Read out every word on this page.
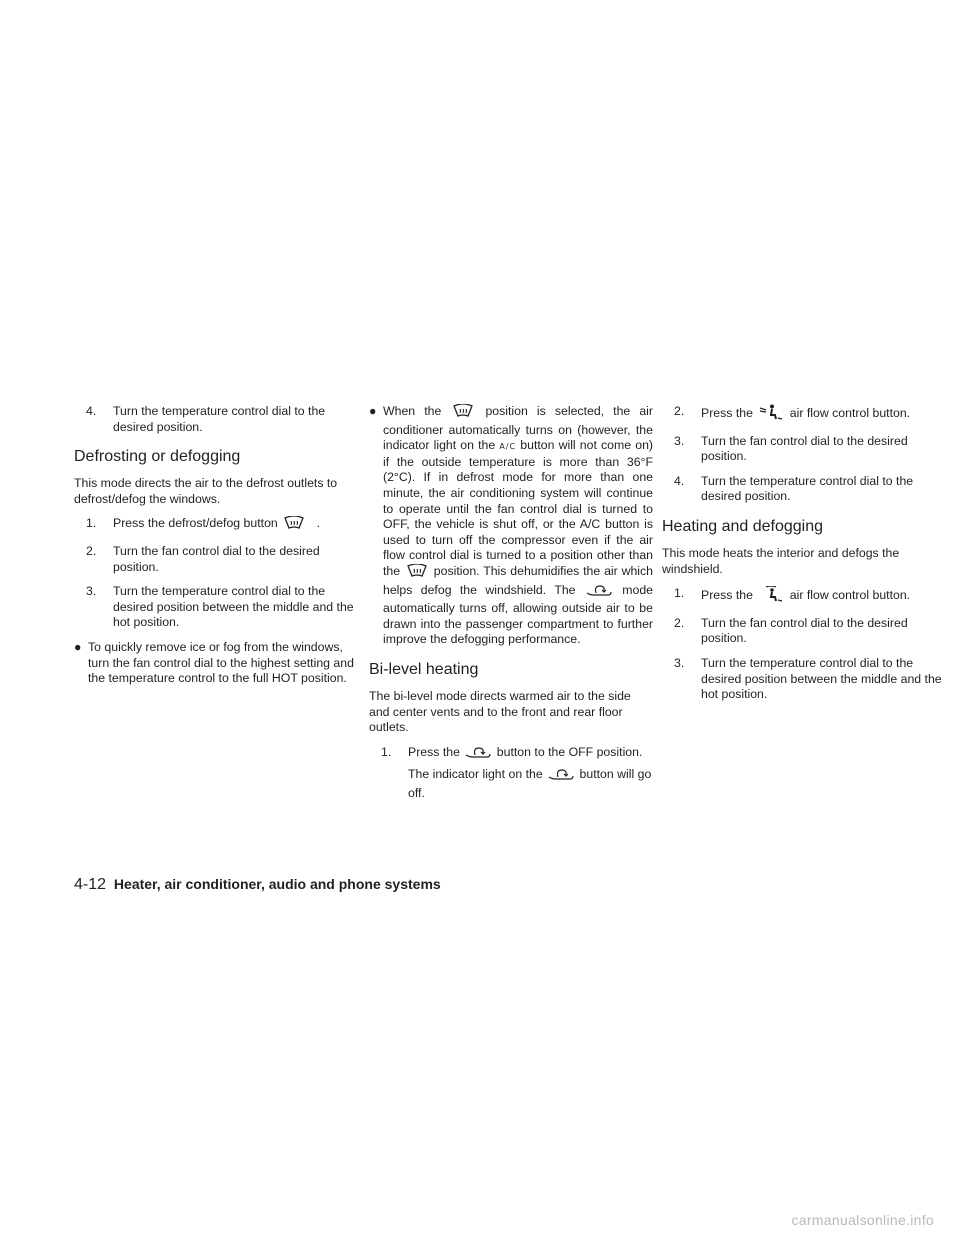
4. Turn the temperature control dial to the desired position.
Defrosting or defogging
This mode directs the air to the defrost outlets to defrost/defog the windows.
1. Press the defrost/defog button	.
2. Turn the fan control dial to the desired position.
3. Turn the temperature control dial to the desired position between the middle and the hot position.
● To quickly remove ice or fog from the windows, turn the fan control dial to the highest setting and the temperature control to the full HOT position.
● When the	position is selected, the air conditioner automatically turns on (however, the indicator light on the A/C button will not come on) if the outside temperature is more than 36°F (2°C). If in defrost mode for more than one minute, the air conditioning system will continue to operate until the fan control dial is turned to OFF, the vehicle is shut off, or the A/C button is used to turn off the compressor even if the air flow control dial is turned to a position other than the	position. This dehumidifies the air which helps defog the windshield. The	mode automatically turns off, allowing outside air to be drawn into the passenger compartment to further improve the defogging performance.
Bi-level heating
The bi-level mode directs warmed air to the side and center vents and to the front and rear floor outlets.
1. Press the	button to the OFF position.
The indicator light on the	button will go off.
2. Press the	air flow control button.
3. Turn the fan control dial to the desired position.
4. Turn the temperature control dial to the desired position.
Heating and defogging
This mode heats the interior and defogs the windshield.
1. Press the	air flow control button.
2. Turn the fan control dial to the desired position.
3. Turn the temperature control dial to the desired position between the middle and the hot position.
4-12 Heater, air conditioner, audio and phone systems
carmanualsonline.info
